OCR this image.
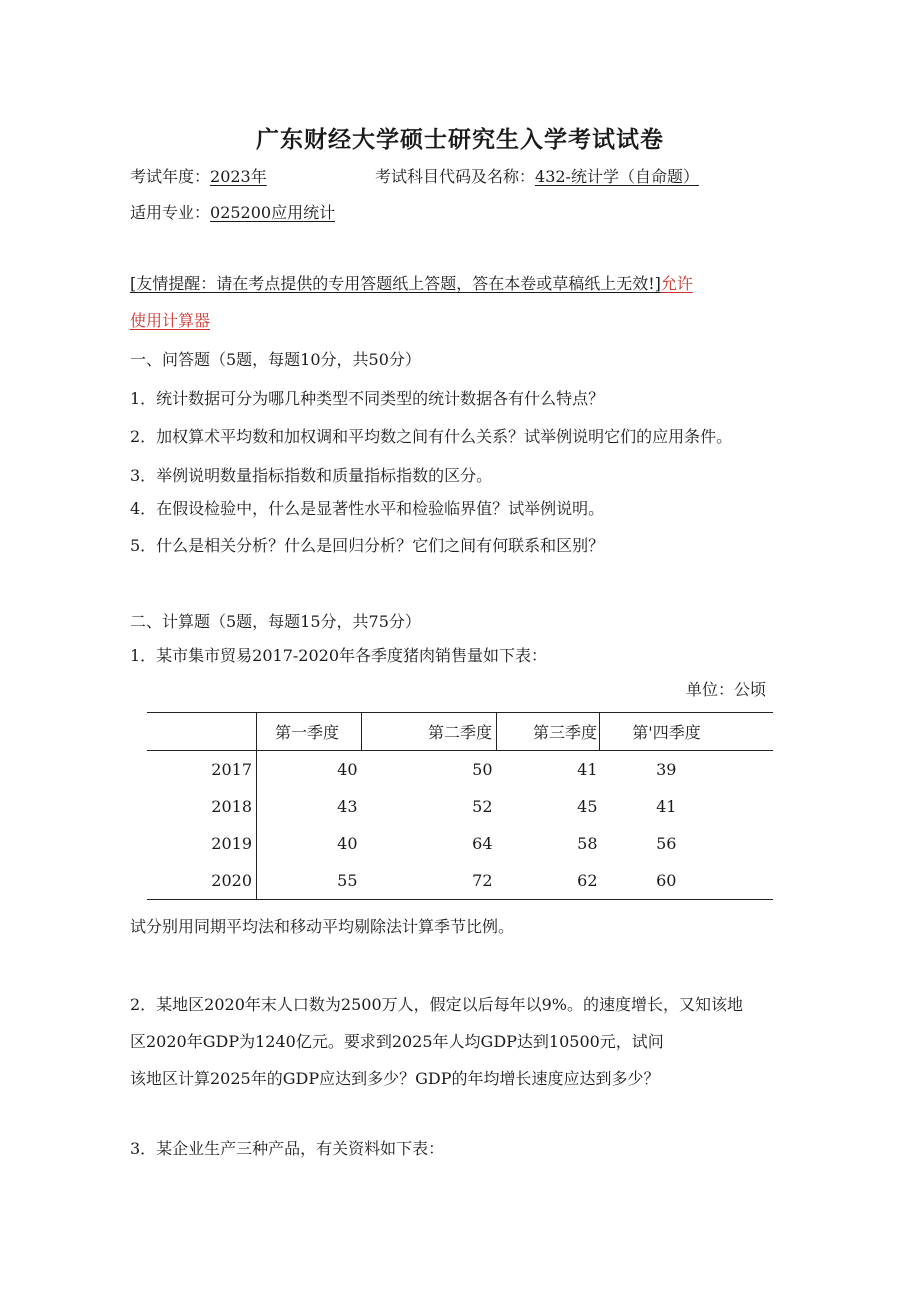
广东财经大学硕士研究生入学考试试卷
考试年度：2023年	考试科目代码及名称：432-统计学（自命题）
适用专业：025200应用统计
[友情提醒：请在考点提供的专用答题纸上答题，答在本卷或草稿纸上无效!]允许
使用计算器
一、问答题（5题，每题10分，共50分）
1．统计数据可分为哪几种类型不同类型的统计数据各有什么特点？
2．加权算术平均数和加权调和平均数之间有什么关系？试举例说明它们的应用条件。
3．举例说明数量指标指数和质量指标指数的区分。
4．在假设检验中，什么是显著性水平和检验临界值？试举例说明。
5．什么是相关分析？什么是回归分析？它们之间有何联系和区别？
二、计算题（5题，每题15分，共75分）
1．某市集市贸易2017-2020年各季度猪肉销售量如下表：
单位：公顷
	第一季度	第二季度	第三季度	第'四季度
2017	40	50	41	39
2018	43	52	45	41
2019	40	64	58	56
2020	55	72	62	60
试分别用同期平均法和移动平均剔除法计算季节比例。
2．某地区2020年末人口数为2500万人，假定以后每年以9%。的速度增长，又知该地
区2020年GDP为1240亿元。要求到2025年人均GDP达到10500元，试问
该地区计算2025年的GDP应达到多少？GDP的年均增长速度应达到多少？
3．某企业生产三种产品，有关资料如下表：
